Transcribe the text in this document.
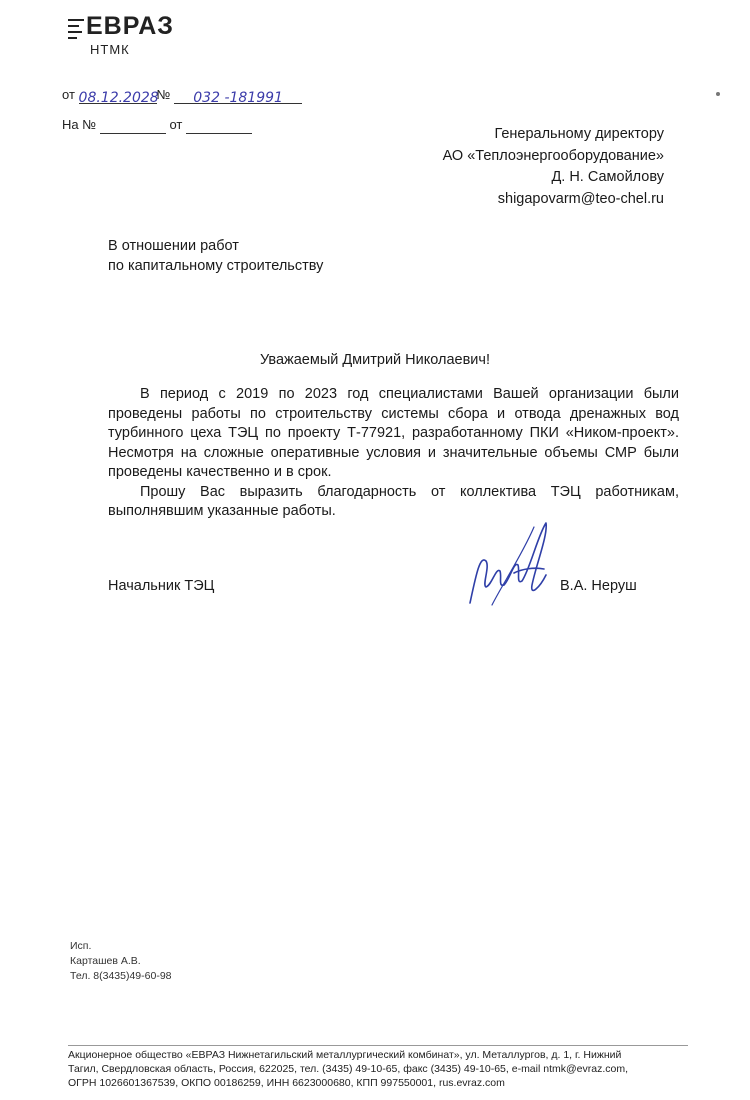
ЕВРАЗ
НТМК
от 08.12.2028№ 032 -181991
На №	от
Генеральному директору
АО «Теплоэнергооборудование»
Д. Н. Самойлову
shigapovarm@teo-chel.ru
В отношении работ
по капитальному строительству
Уважаемый Дмитрий Николаевич!

В период с 2019 по 2023 год специалистами Вашей организации были проведены работы по строительству системы сбора и отвода дренажных вод турбинного цеха ТЭЦ по проекту Т-77921, разработанному ПКИ «Ником-проект». Несмотря на сложные оперативные условия и значительные объемы СМР были проведены качественно и в срок.

Прошу Вас выразить благодарность от коллектива ТЭЦ работникам, выполнявшим указанные работы.

Начальник ТЭЦ	В.А. Неруш
Исп.
Карташев А.В.
Тел. 8(3435)49-60-98
Акционерное общество «ЕВРАЗ Нижнетагильский металлургический комбинат», ул. Металлургов, д. 1, г. Нижний
Тагил, Свердловская область, Россия, 622025, тел. (3435) 49-10-65, факс (3435) 49-10-65, e-mail ntmk@evraz.com,
ОГРН 1026601367539, ОКПО 00186259, ИНН 6623000680, КПП 997550001, rus.evraz.com
